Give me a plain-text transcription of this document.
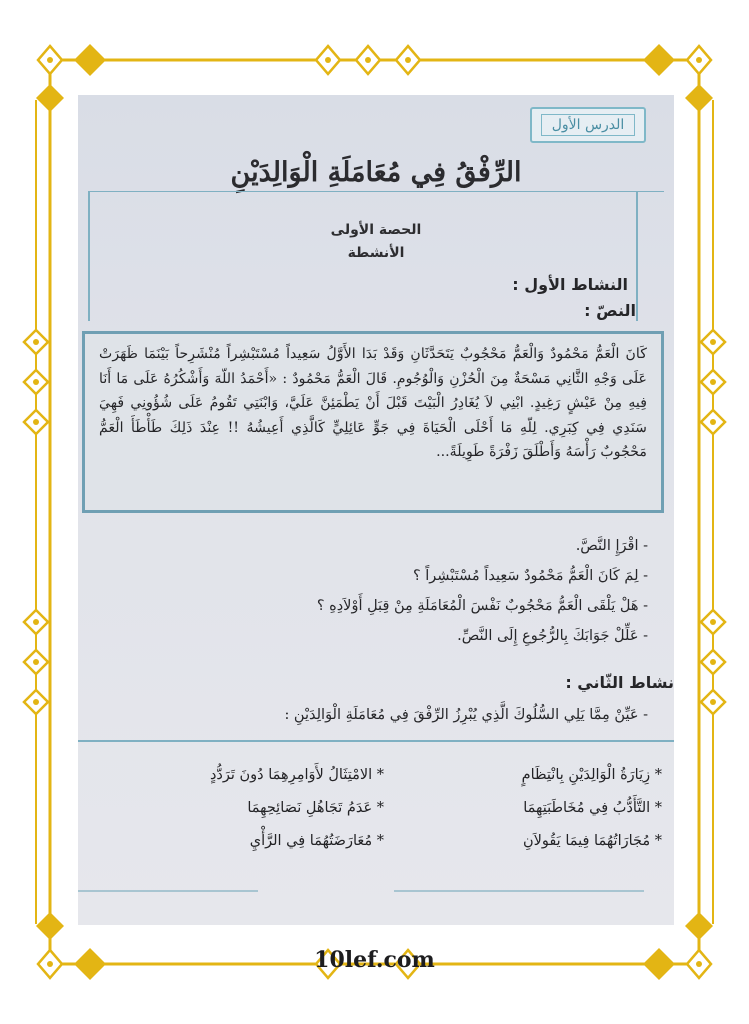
الدرس الأول
الرِّفْقُ فِي مُعَامَلَةِ الْوَالِدَيْنِ
الحصة الأولى
الأنشطة
النشاط الأول :
النصّ :

كَانَ الْعَمُّ مَحْمُودٌ وَالْعَمُّ مَحْجُوبٌ يَتَحَدَّثَانِ وَقَدْ بَدَا الأَوَّلُ سَعِيداً مُسْتَبْشِراً مُنْشَرِحاً بَيْنَمَا ظَهَرَتْ عَلَى وَجْهِ الثَّانِي مَسْحَةٌ مِنَ الْحُزْنِ وَالْوُجُومِ. قَالَ الْعَمُّ مَحْمُودٌ : «أَحْمَدُ اللّهَ وَأَشْكُرُهُ عَلَى مَا أَنَا فِيهِ مِنْ عَيْشٍ رَغِيدٍ. ابْنِي لاَ يُغَادِرُ الْبَيْتَ قَبْلَ أَنْ يَطْمَئِنَّ عَلَيَّ، وَابْنَتِي تَقُومُ عَلَى شُؤُونِي فَهِيَ سَنَدِي فِي كِبَرِي. لِلّهِ مَا أَحْلَى الْحَيَاةَ فِي جَوٍّ عَائِلِيٍّ كَالَّذِي أَعِيشُهُ !! عِنْدَ ذَلِكَ طَأْطَأَ الْعَمُّ مَحْجُوبٌ رَأْسَهُ وَأَطْلَقَ زَفْرَةً طَوِيلَةً...

- اقْرَإِ النَّصَّ.
- لِمَ كَانَ الْعَمُّ مَحْمُودٌ سَعِيداً مُسْتَبْشِراً ؟
- هَلْ يَلْقَى الْعَمُّ مَحْجُوبٌ نَفْسَ الْمُعَامَلَةِ مِنْ قِبَلِ أَوْلاَدِهِ ؟
- عَلِّلْ جَوَابَكَ بِالرُّجُوعِ إِلَى النَّصِّ.
نشاط الثّاني :
- عَيِّنْ مِمَّا يَلِي السُّلُوكَ الَّذِي يُبْرِزُ الرِّفْقَ فِي مُعَامَلَةِ الْوَالِدَيْنِ :
* زِيَارَةُ الْوَالِدَيْنِ بِانْتِظَامٍ
* التَّأَدُّبُ فِي مُخَاطَبَتِهِمَا
* مُجَارَاتُهُمَا فِيمَا يَقُولاَنِ
* الامْتِثَالُ لأَوَامِرِهِمَا دُونَ تَرَدُّدٍ
* عَدَمُ تَجَاهُلِ نَصَائِحِهِمَا
* مُعَارَضَتُهُمَا فِي الرَّأْيِ
10lef.com
